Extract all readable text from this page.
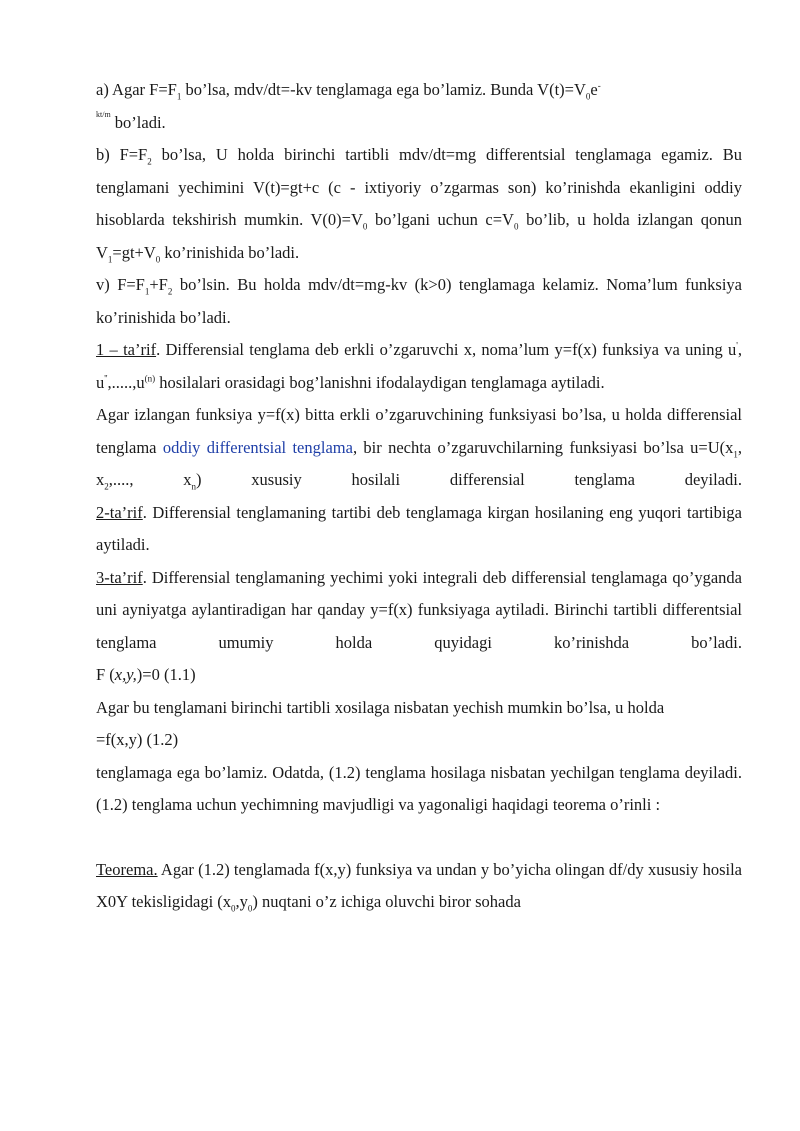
a) Agar $F=F_1$ bo’lsa, mdv/dt=-kv tenglamaga ega bo’lamiz. Bunda $V(t)=V_0e^-$
$^{kt/m}$ bo’ladi.

b) $F=F_2$ bo’lsa, U holda birinchi tartibli mdv/dt=mg differentsial tenglamaga egamiz. Bu tenglamani yechimini V(t)=gt+c (c - ixtiyoriy o’zgarmas son) ko’rinishda ekanligini oddiy hisoblarda tekshirish mumkin. $V(0)=V_0$ bo’lgani uchun $c=V_0$ bo’lib, u holda izlangan qonun $V_1=gt+V_0$ ko’rinishida bo’ladi.

v) $F=F_1+F_2$ bo’lsin. Bu holda mdv/dt=mg-kv (k>0) tenglamaga kelamiz. Noma’lum funksiya ko’rinishida bo’ladi.

1 – ta’rif. Differensial tenglama deb erkli o’zgaruvchi x, noma’lum y=f(x) funksiya va uning u', $u'',.....,u^{(n)}$ hosilalari orasidagi bog’lanishni ifodalaydigan tenglamaga aytiladi.

Agar izlangan funksiya y=f(x) bitta erkli o’zgaruvchining funksiyasi bo’lsa, u holda differensial tenglama oddiy differentsial tenglama, bir nechta o’zgaruvchilarning funksiyasi bo’lsa $u=U(x_1$, $x_2$,...., $x_n$) xususiy hosilali differensial tenglama deyiladi.

2-ta’rif. Differensial tenglamaning tartibi deb tenglamaga kirgan hosilaning eng yuqori tartibiga aytiladi.

3-ta’rif. Differensial tenglamaning yechimi yoki integrali deb differensial tenglamaga qo’yganda uni ayniyatga aylantiradigan har qanday y=f(x) funksiyaga aytiladi. Birinchi tartibli differentsial tenglama umumiy holda quyidagi ko’rinishda bo’ladi.

F (x,y,)=0 (1.1)

Agar bu tenglamani birinchi tartibli xosilaga nisbatan yechish mumkin bo’lsa, u holda

=f(x,y) (1.2)

tenglamaga ega bo’lamiz. Odatda, (1.2) tenglama hosilaga nisbatan yechilgan tenglama deyiladi. (1.2) tenglama uchun yechimning mavjudligi va yagonaligi haqidagi teorema o’rinli :

Teorema. Agar (1.2) tenglamada f(x,y) funksiya va undan y bo’yicha olingan df/dy xususiy hosila X0Y tekisligidagi $(x_0,y_0)$ nuqtani o’z ichiga oluvchi biror sohada
